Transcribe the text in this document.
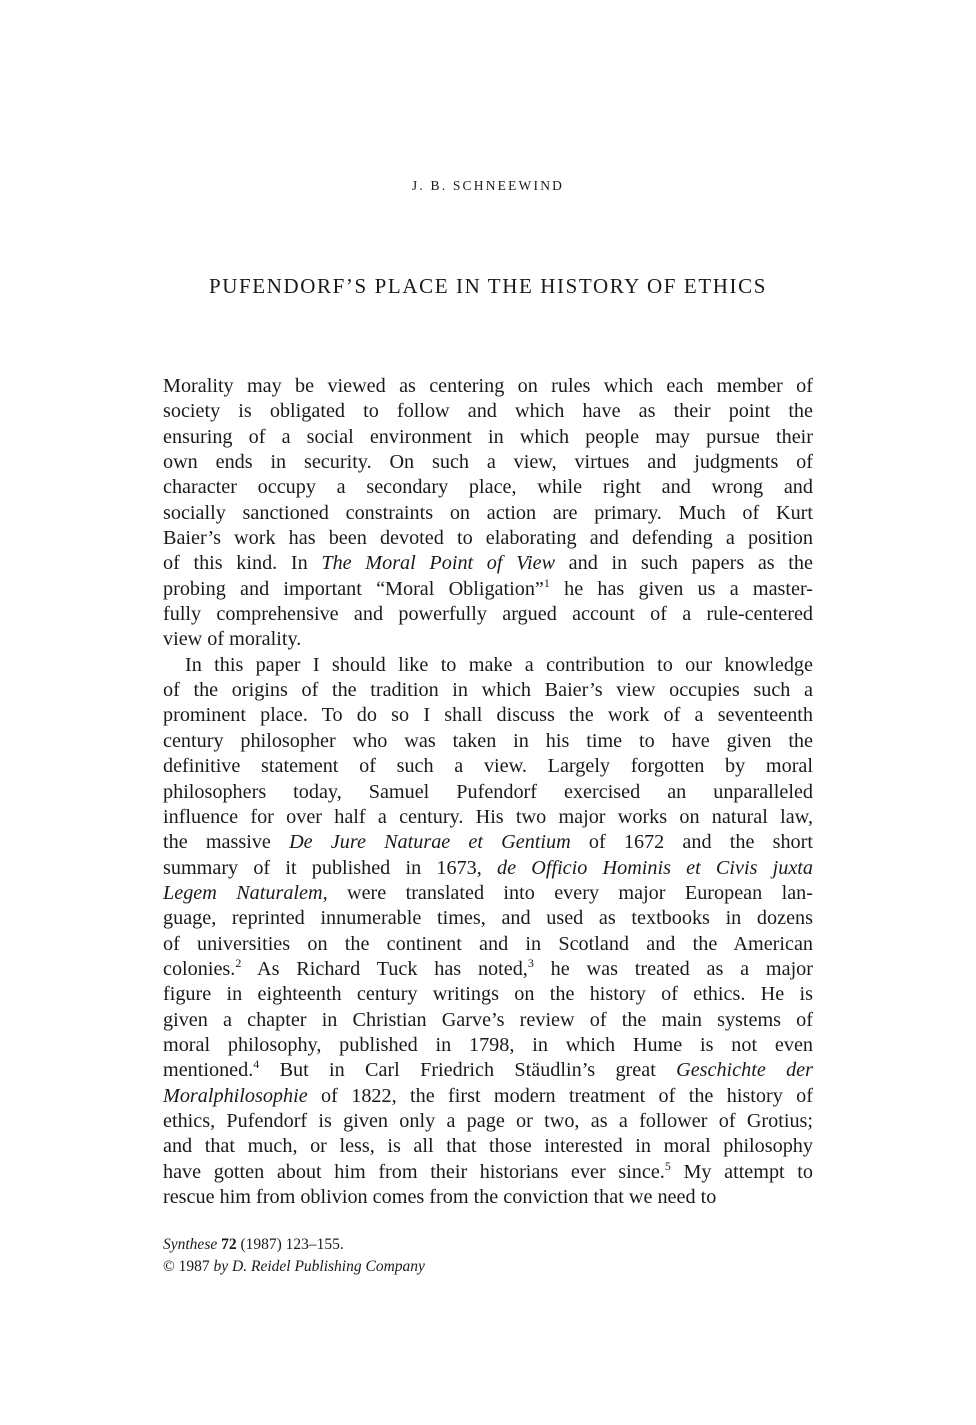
J. B. SCHNEEWIND
PUFENDORF’S PLACE IN THE HISTORY OF ETHICS

Morality may be viewed as centering on rules which each member of
society is obligated to follow and which have as their point the
ensuring of a social environment in which people may pursue their
own ends in security. On such a view, virtues and judgments of
character occupy a secondary place, while right and wrong and
socially sanctioned constraints on action are primary. Much of Kurt
Baier’s work has been devoted to elaborating and defending a position
of this kind. In The Moral Point of View and in such papers as the
probing and important “Moral Obligation”$^1$ he has given us a master-
fully comprehensive and powerfully argued account of a rule-centered
view of morality.

In this paper I should like to make a contribution to our knowledge
of the origins of the tradition in which Baier’s view occupies such a
prominent place. To do so I shall discuss the work of a seventeenth
century philosopher who was taken in his time to have given the
definitive statement of such a view. Largely forgotten by moral
philosophers today, Samuel Pufendorf exercised an unparalleled
influence for over half a century. His two major works on natural law,
the massive De Jure Naturae et Gentium of 1672 and the short
summary of it published in 1673, de Officio Hominis et Civis juxta
Legem Naturalem, were translated into every major European lan-
guage, reprinted innumerable times, and used as textbooks in dozens
of universities on the continent and in Scotland and the American
colonies.$^2$ As Richard Tuck has noted,$^3$ he was treated as a major
figure in eighteenth century writings on the history of ethics. He is
given a chapter in Christian Garve’s review of the main systems of
moral philosophy, published in 1798, in which Hume is not even
mentioned.$^4$ But in Carl Friedrich Stäudlin’s great Geschichte der
Moralphilosophie of 1822, the first modern treatment of the history of
ethics, Pufendorf is given only a page or two, as a follower of Grotius;
and that much, or less, is all that those interested in moral philosophy
have gotten about him from their historians ever since.$^5$ My attempt to
rescue him from oblivion comes from the conviction that we need to

Synthese 72 (1987) 123–155.
© 1987 by D. Reidel Publishing Company
